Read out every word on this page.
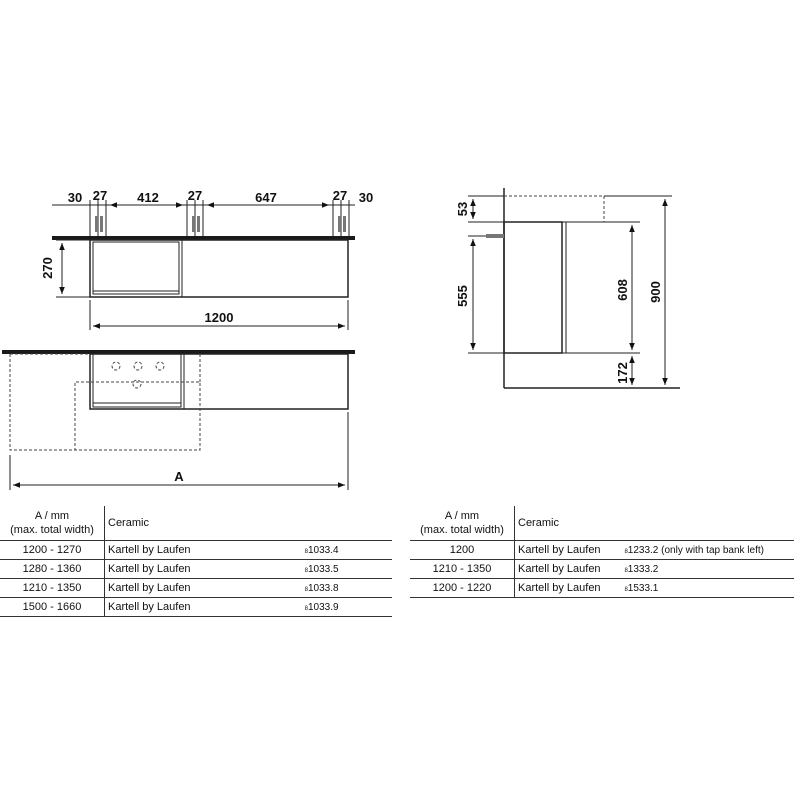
30 27 412 27	647	27 30
270
1200
A
53
555	608
172
900
A / mm
(max. total width)	Ceramic	
1200 - 1270	Kartell by Laufen	81033.4
1280 - 1360	Kartell by Laufen	81033.5
1210 - 1350	Kartell by Laufen	81033.8
1500 - 1660	Kartell by Laufen	81033.9
A / mm
(max. total width)	Ceramic	
1200	Kartell by Laufen	81233.2 (only with tap bank left)
1210 - 1350	Kartell by Laufen	81333.2
1200 - 1220	Kartell by Laufen	81533.1
